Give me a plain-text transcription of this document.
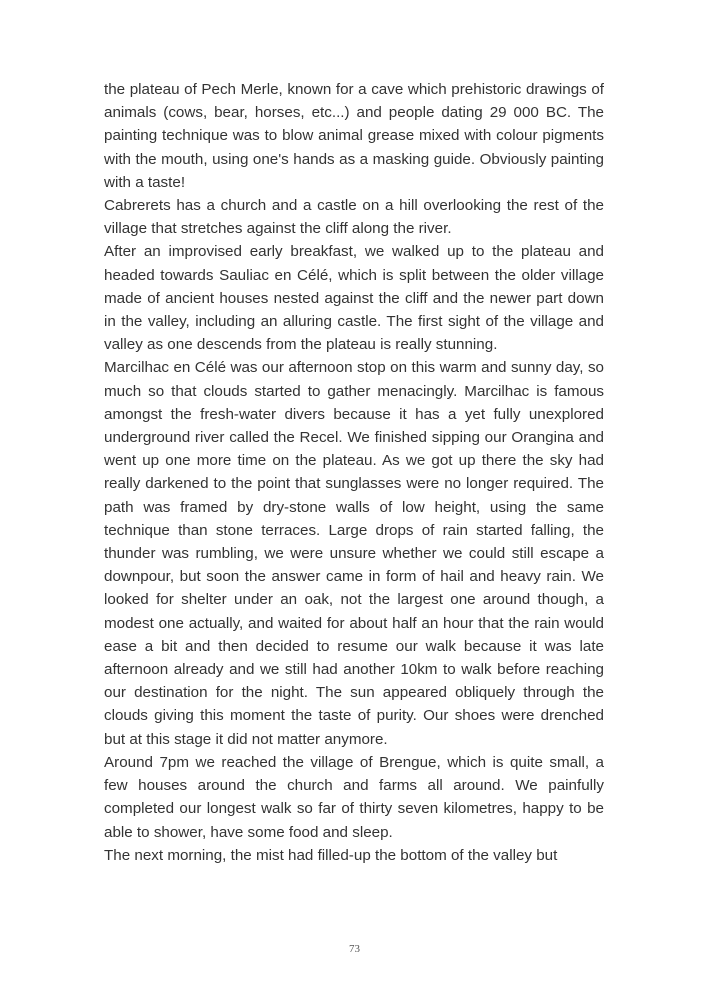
the plateau of Pech Merle, known for a cave which prehistoric drawings of animals (cows, bear, horses, etc...) and people dating 29 000 BC. The painting technique was to blow animal grease mixed with colour pigments with the mouth, using one's hands as a masking guide. Obviously painting with a taste!

Cabrerets has a church and a castle on a hill overlooking the rest of the village that stretches against the cliff along the river.

After an improvised early breakfast, we walked up to the plateau and headed towards Sauliac en Célé, which is split between the older village made of ancient houses nested against the cliff and the newer part down in the valley, including an alluring castle. The first sight of the village and valley as one descends from the plateau is really stunning.

Marcilhac en Célé was our afternoon stop on this warm and sunny day, so much so that clouds started to gather menacingly. Marcilhac is famous amongst the fresh-water divers because it has a yet fully unexplored underground river called the Recel. We finished sipping our Orangina and went up one more time on the plateau. As we got up there the sky had really darkened to the point that sunglasses were no longer required. The path was framed by dry-stone walls of low height, using the same technique than stone terraces. Large drops of rain started falling, the thunder was rumbling, we were unsure whether we could still escape a downpour, but soon the answer came in form of hail and heavy rain. We looked for shelter under an oak, not the largest one around though, a modest one actually, and waited for about half an hour that the rain would ease a bit and then decided to resume our walk because it was late afternoon already and we still had another 10km to walk before reaching our destination for the night. The sun appeared obliquely through the clouds giving this moment the taste of purity. Our shoes were drenched but at this stage it did not matter anymore.

Around 7pm we reached the village of Brengue, which is quite small, a few houses around the church and farms all around. We painfully completed our longest walk so far of thirty seven kilometres, happy to be able to shower, have some food and sleep.

The next morning, the mist had filled-up the bottom of the valley but

73
